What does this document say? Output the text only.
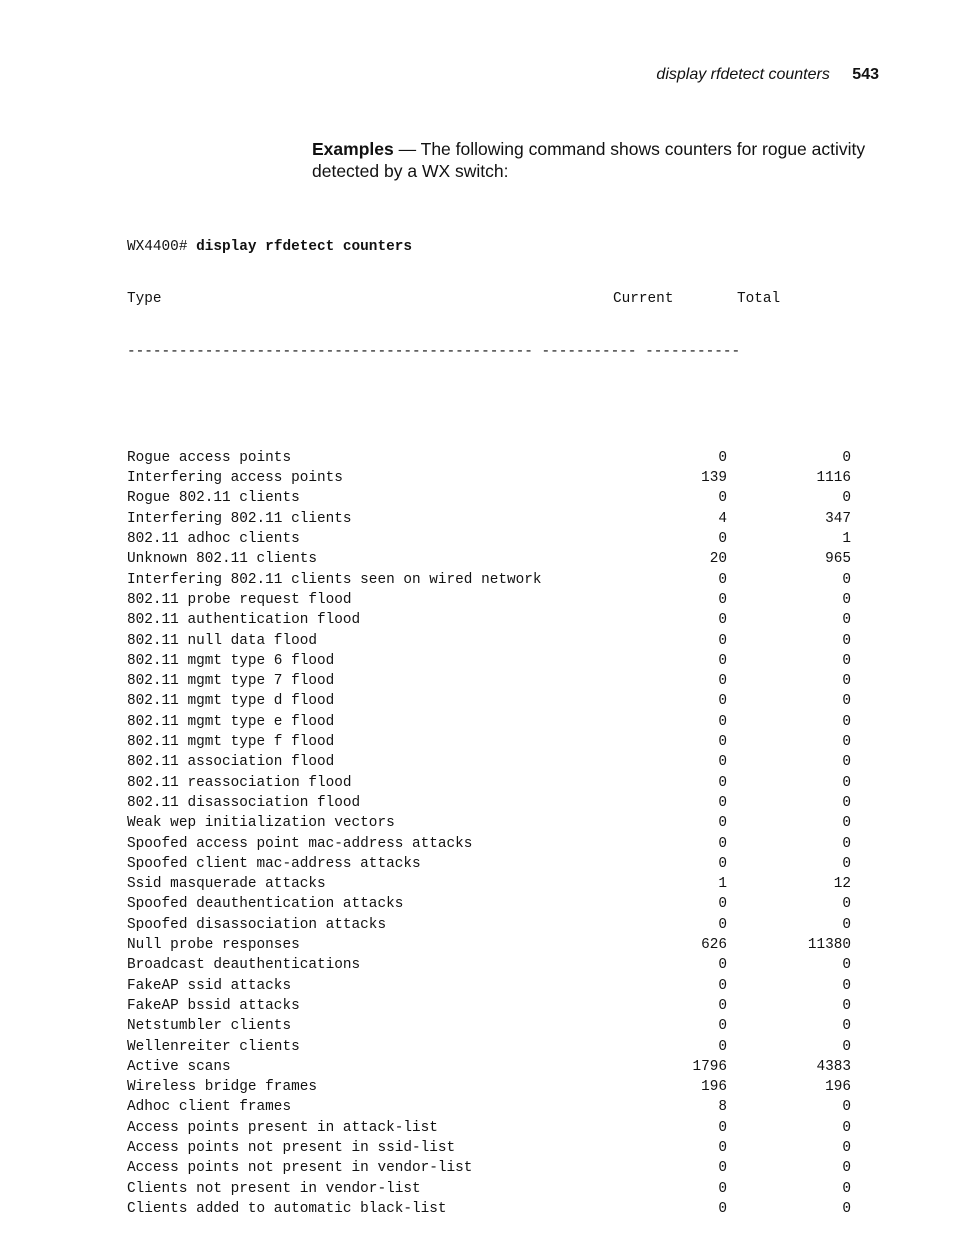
display rfdetect counters 543
Examples — The following command shows counters for rogue activity detected by a WX switch:

WX4400# display rfdetect counters

Type	Current	Total

----------------------------------------------- ----------- -----------

Rogue access points	0	0
Interfering access points	139	1116
Rogue 802.11 clients	0	0
Interfering 802.11 clients	4	347
802.11 adhoc clients	0	1
Unknown 802.11 clients	20	965
Interfering 802.11 clients seen on wired network	0	0
802.11 probe request flood	0	0
802.11 authentication flood	0	0
802.11 null data flood	0	0
802.11 mgmt type 6 flood	0	0
802.11 mgmt type 7 flood	0	0
802.11 mgmt type d flood	0	0
802.11 mgmt type e flood	0	0
802.11 mgmt type f flood	0	0
802.11 association flood	0	0
802.11 reassociation flood	0	0
802.11 disassociation flood	0	0
Weak wep initialization vectors	0	0
Spoofed access point mac-address attacks	0	0
Spoofed client mac-address attacks	0	0
Ssid masquerade attacks	1	12
Spoofed deauthentication attacks	0	0
Spoofed disassociation attacks	0	0
Null probe responses	626	11380
Broadcast deauthentications	0	0
FakeAP ssid attacks	0	0
FakeAP bssid attacks	0	0
Netstumbler clients	0	0
Wellenreiter clients	0	0
Active scans	1796	4383
Wireless bridge frames	196	196
Adhoc client frames	8	0
Access points present in attack-list	0	0
Access points not present in ssid-list	0	0
Access points not present in vendor-list	0	0
Clients not present in vendor-list	0	0
Clients added to automatic black-list	0	0
